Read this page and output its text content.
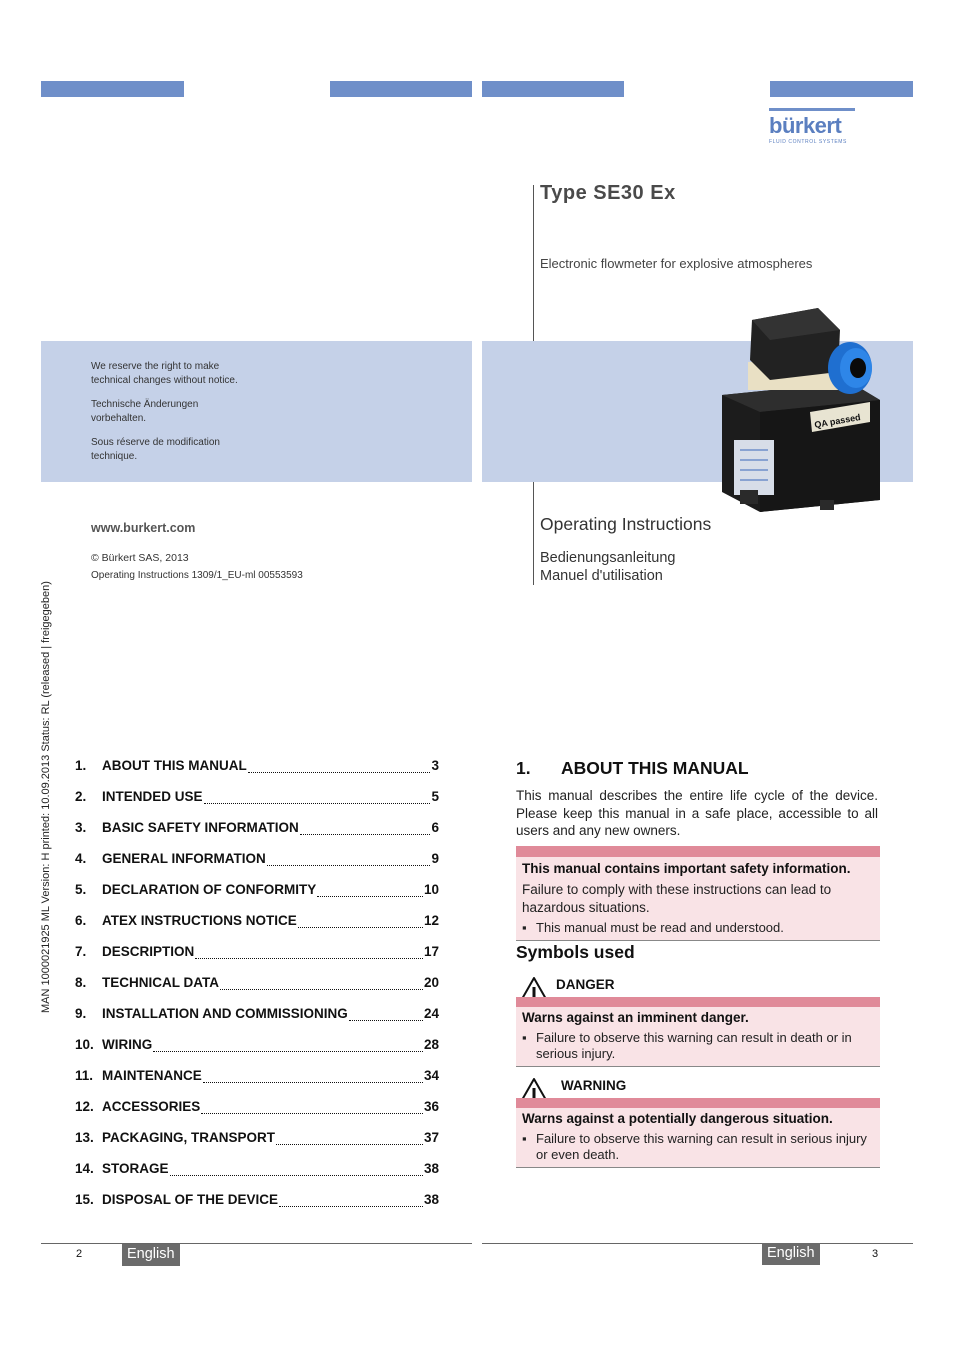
bürkert
FLUID CONTROL SYSTEMS
Type SE30 Ex
Electronic flowmeter for explosive atmospheres
We reserve the right to make
technical changes without notice.
Technische Änderungen
vorbehalten.
Sous réserve de modification
technique.
QA passed
www.burkert.com
© Bürkert SAS, 2013
Operating Instructions 1309/1_EU-ml 00553593
Operating Instructions
Bedienungsanleitung
Manuel d'utilisation
MAN 1000021925 ML Version: H printed: 10.09.2013 Status: RL (released | freigegeben) 1.	ABOUT THIS MANUAL	3
2.	INTENDED USE	5
3.	BASIC SAFETY INFORMATION	6
4.	GENERAL INFORMATION	9
5.	DECLARATION OF CONFORMITY	10
6.	ATEX INSTRUCTIONS NOTICE	12
7.	DESCRIPTION	17
8.	TECHNICAL DATA	20
9.	INSTALLATION AND COMMISSIONING	24
10. WIRING	28
11. MAINTENANCE	34
12. ACCESSORIES	36
13. PACKAGING, TRANSPORT	37
14. STORAGE	38
15. DISPOSAL OF THE DEVICE	38
1. ABOUT THIS MANUAL
This manual describes the entire life cycle of the device. Please keep this manual in a safe place, accessible to all users and any new owners.
This manual contains important safety information.
Failure to comply with these instructions can lead to hazardous situations.
▪ This manual must be read and understood.
Symbols used
DANGER
Warns against an imminent danger.
▪ Failure to observe this warning can result in death or in serious injury.
WARNING
Warns against a potentially dangerous situation.
▪ Failure to observe this warning can result in serious injury or even death.
2	English	English	3
